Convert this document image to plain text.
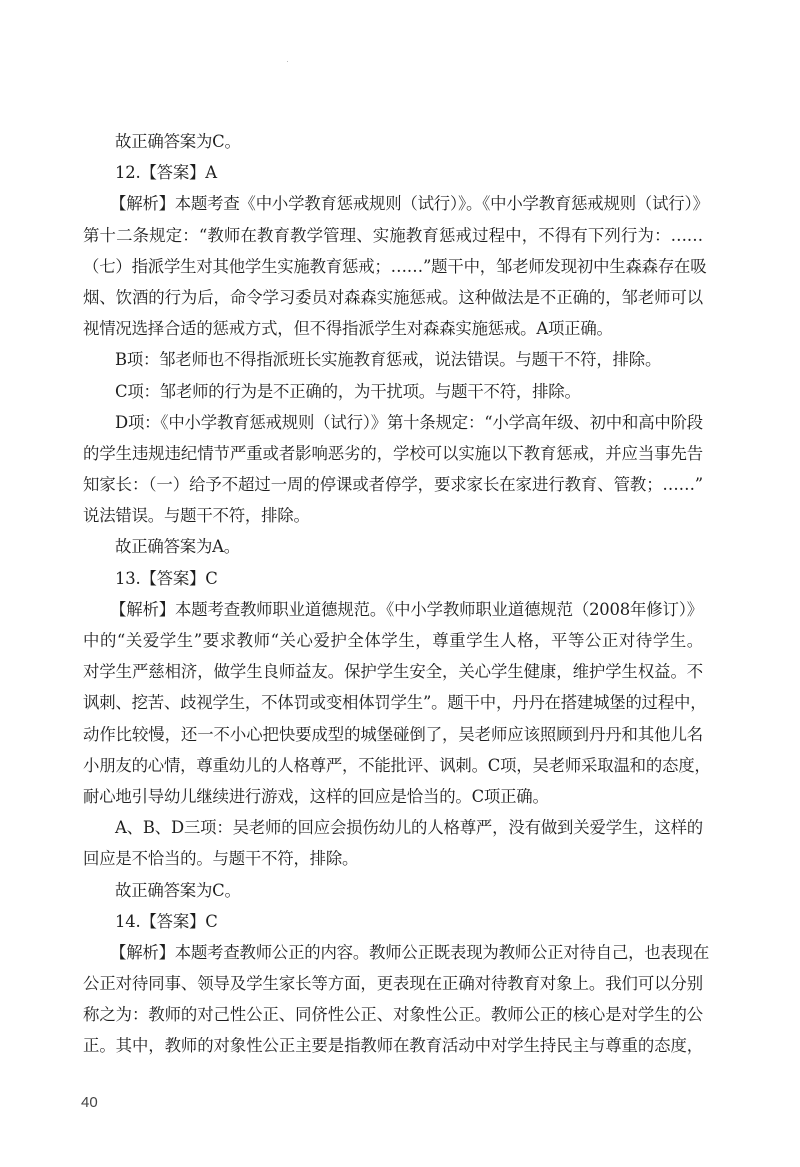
故正确答案为C。
12.【答案】A
【解析】本题考查《中小学教育惩戒规则（试行）》。《中小学教育惩戒规则（试行）》
第十二条规定：“教师在教育教学管理、实施教育惩戒过程中，不得有下列行为：……
（七）指派学生对其他学生实施教育惩戒；……”题干中，邹老师发现初中生森森存在吸
烟、饮酒的行为后，命令学习委员对森森实施惩戒。这种做法是不正确的，邹老师可以
视情况选择合适的惩戒方式，但不得指派学生对森森实施惩戒。A项正确。
B项：邹老师也不得指派班长实施教育惩戒，说法错误。与题干不符，排除。
C项：邹老师的行为是不正确的，为干扰项。与题干不符，排除。
D项：《中小学教育惩戒规则（试行）》第十条规定：“小学高年级、初中和高中阶段
的学生违规违纪情节严重或者影响恶劣的，学校可以实施以下教育惩戒，并应当事先告
知家长：（一）给予不超过一周的停课或者停学，要求家长在家进行教育、管教；……”
说法错误。与题干不符，排除。
故正确答案为A。
13.【答案】C
【解析】本题考查教师职业道德规范。《中小学教师职业道德规范（2008年修订）》
中的“关爱学生”要求教师“关心爱护全体学生，尊重学生人格，平等公正对待学生。
对学生严慈相济，做学生良师益友。保护学生安全，关心学生健康，维护学生权益。不
讽刺、挖苦、歧视学生，不体罚或变相体罚学生”。题干中，丹丹在搭建城堡的过程中，
动作比较慢，还一不小心把快要成型的城堡碰倒了，吴老师应该照顾到丹丹和其他儿名
小朋友的心情，尊重幼儿的人格尊严，不能批评、讽刺。C项，吴老师采取温和的态度，
耐心地引导幼儿继续进行游戏，这样的回应是恰当的。C项正确。
A、B、D三项：吴老师的回应会损伤幼儿的人格尊严，没有做到关爱学生，这样的
回应是不恰当的。与题干不符，排除。
故正确答案为C。
14.【答案】C
【解析】本题考查教师公正的内容。教师公正既表现为教师公正对待自己，也表现在
公正对待同事、领导及学生家长等方面，更表现在正确对待教育对象上。我们可以分别
称之为：教师的对己性公正、同侪性公正、对象性公正。教师公正的核心是对学生的公
正。其中，教师的对象性公正主要是指教师在教育活动中对学生持民主与尊重的态度，
40
